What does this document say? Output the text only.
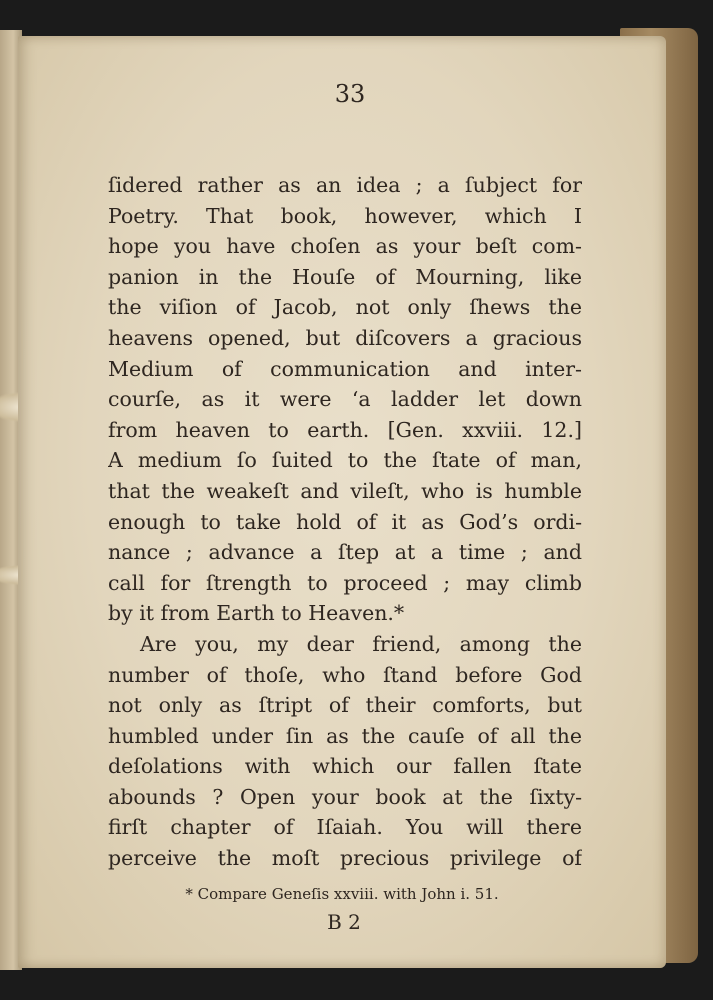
33
ſidered rather as an idea ; a ſubject for
Poetry. That book, however, which I
hope you have choſen as your beſt com-
panion in the Houſe of Mourning, like
the viſion of Jacob, not only ſhews the
heavens opened, but diſcovers a gracious
Medium of communication and inter-
courſe, as it were ‘a ladder let down
from heaven to earth. [Gen. xxviii. 12.]
A medium ſo ſuited to the ſtate of man,
that the weakeſt and vileſt, who is humble
enough to take hold of it as God’s ordi-
nance ; advance a ſtep at a time ; and
call for ſtrength to proceed ; may climb
by it from Earth to Heaven.*
Are you, my dear friend, among the
number of thoſe, who ſtand before God
not only as ſtript of their comforts, but
humbled under ſin as the cauſe of all the
deſolations with which our fallen ſtate
abounds ? Open your book at the ſixty-
firſt chapter of Iſaiah. You will there
perceive the moſt precious privilege of
* Compare Geneſis xxviii. with John i. 51.
B 2
